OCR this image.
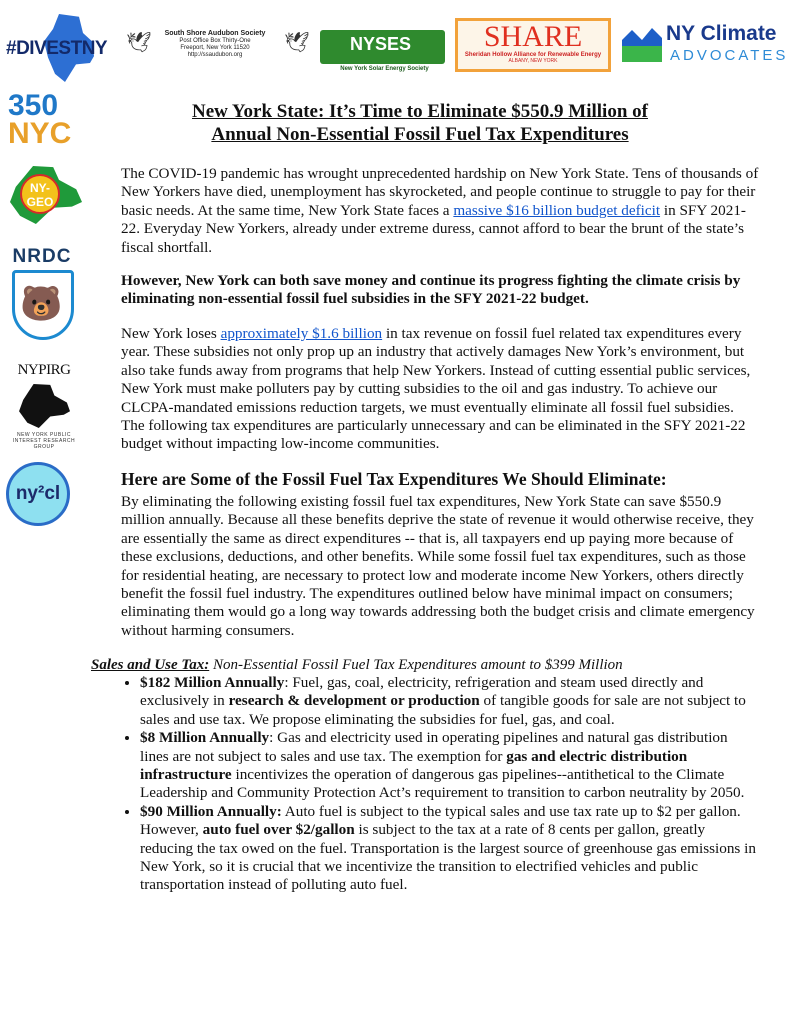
#DIVESTNY 🕊	South Shore Audubon Society
Post Office Box Thirty-One
Freeport, New York 11520
http://ssaudubon.org
🕊 NYSES
New York Solar Energy Society
SHARE
Sheridan Hollow Alliance for Renewable Energy
ALBANY, NEW YORK
NY Climate
ADVOCATES
350
NYC
NY-GEO
NRDC
🐻
NYPIRG
NEW YORK PUBLIC INTEREST RESEARCH GROUP
ny²cl
New York State: It’s Time to Eliminate $550.9 Million of
Annual Non-Essential Fossil Fuel Tax Expenditures
The COVID-19 pandemic has wrought unprecedented hardship on New York State. Tens of thousands of New Yorkers have died, unemployment has skyrocketed, and people continue to struggle to pay for their basic needs. At the same time, New York State faces a massive $16 billion budget deficit in SFY 2021-22. Everyday New Yorkers, already under extreme duress, cannot afford to bear the brunt of the state’s fiscal shortfall.
However, New York can both save money and continue its progress fighting the climate crisis by eliminating non-essential fossil fuel subsidies in the SFY 2021-22 budget.
New York loses approximately $1.6 billion in tax revenue on fossil fuel related tax expenditures every year. These subsidies not only prop up an industry that actively damages New York’s environment, but also take funds away from programs that help New Yorkers. Instead of cutting essential public services, New York must make polluters pay by cutting subsidies to the oil and gas industry. To achieve our CLCPA-mandated emissions reduction targets, we must eventually eliminate all fossil fuel subsidies. The following tax expenditures are particularly unnecessary and can be eliminated in the SFY 2021-22 budget without impacting low-income communities.
Here are Some of the Fossil Fuel Tax Expenditures We Should Eliminate:
By eliminating the following existing fossil fuel tax expenditures, New York State can save $550.9 million annually. Because all these benefits deprive the state of revenue it would otherwise receive, they are essentially the same as direct expenditures -- that is, all taxpayers end up paying more because of these exclusions, deductions, and other benefits. While some fossil fuel tax expenditures, such as those for residential heating, are necessary to protect low and moderate income New Yorkers, others directly benefit the fossil fuel industry. The expenditures outlined below have minimal impact on consumers; eliminating them would go a long way towards addressing both the budget crisis and climate emergency without harming consumers.
Sales and Use Tax: Non-Essential Fossil Fuel Tax Expenditures amount to $399 Million
• $182 Million Annually: Fuel, gas, coal, electricity, refrigeration and steam used directly and exclusively in research & development or production of tangible goods for sale are not subject to sales and use tax. We propose eliminating the subsidies for fuel, gas, and coal.
• $8 Million Annually: Gas and electricity used in operating pipelines and natural gas distribution lines are not subject to sales and use tax. The exemption for gas and electric distribution infrastructure incentivizes the operation of dangerous gas pipelines--antithetical to the Climate Leadership and Community Protection Act’s requirement to transition to carbon neutrality by 2050.
• $90 Million Annually: Auto fuel is subject to the typical sales and use tax rate up to $2 per gallon. However, auto fuel over $2/gallon is subject to the tax at a rate of 8 cents per gallon, greatly reducing the tax owed on the fuel. Transportation is the largest source of greenhouse gas emissions in New York, so it is crucial that we incentivize the transition to electrified vehicles and public transportation instead of polluting auto fuel.
